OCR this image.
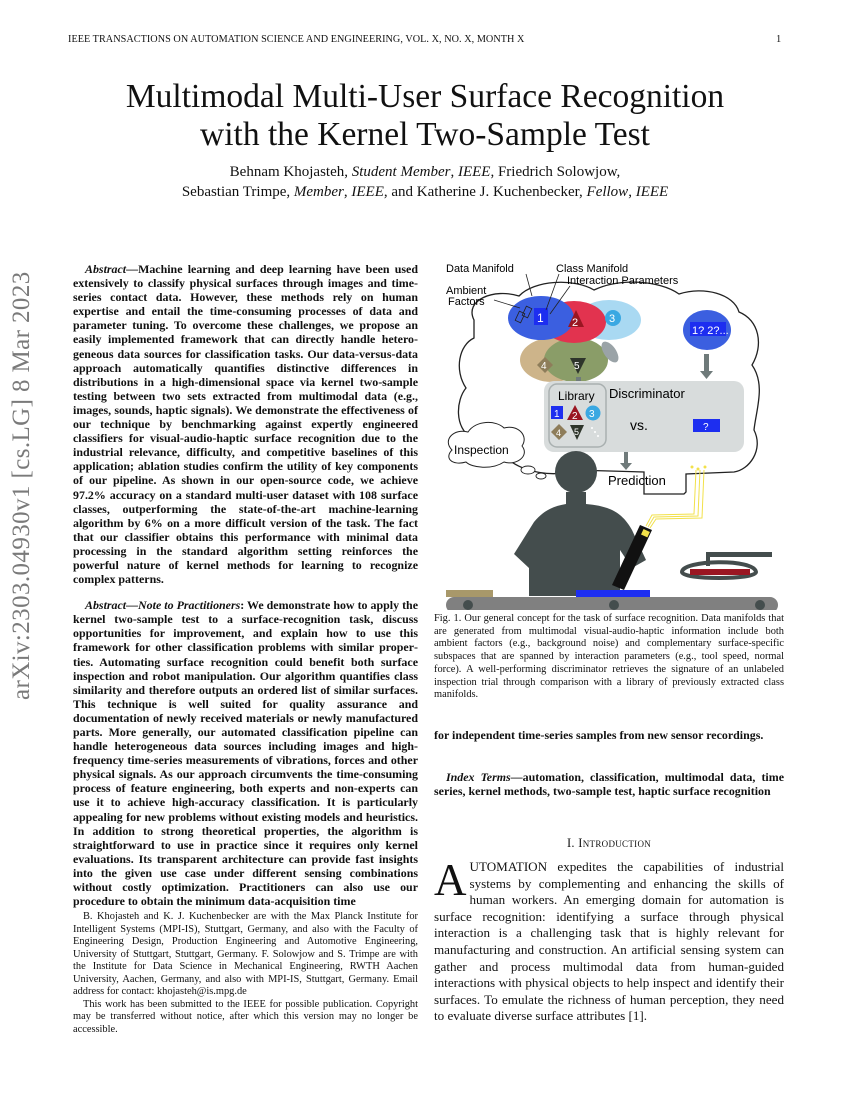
IEEE TRANSACTIONS ON AUTOMATION SCIENCE AND ENGINEERING, VOL. X, NO. X, MONTH X	1
arXiv:2303.04930v1 [cs.LG] 8 Mar 2023
Multimodal Multi-User Surface Recognition
with the Kernel Two-Sample Test
Behnam Khojasteh, Student Member, IEEE, Friedrich Solowjow,
Sebastian Trimpe, Member, IEEE, and Katherine J. Kuchenbecker, Fellow, IEEE

Abstract—Machine learning and deep learning have been used extensively to classify physical surfaces through images and time-series contact data. However, these methods rely on human expertise and entail the time-consuming processes of data and parameter tuning. To overcome these challenges, we propose an easily implemented framework that can directly handle heterogeneous data sources for classification tasks. Our data-versus-data approach automatically quantifies distinctive differences in distributions in a high-dimensional space via kernel two-sample testing between two sets extracted from multimodal data (e.g., images, sounds, haptic signals). We demonstrate the effectiveness of our technique by benchmarking against expertly engineered classifiers for visual-audio-haptic surface recognition due to the industrial relevance, difficulty, and competitive baselines of this application; ablation studies confirm the utility of key components of our pipeline. As shown in our open-source code, we achieve 97.2% accuracy on a standard multi-user dataset with 108 surface classes, outperforming the state-of-the-art machine-learning algorithm by 6% on a more difficult version of the task. The fact that our classifier obtains this performance with minimal data processing in the standard algorithm setting reinforces the powerful nature of kernel methods for learning to recognize complex patterns.

Abstract—Note to Practitioners: We demonstrate how to apply the kernel two-sample test to a surface-recognition task, discuss opportunities for improvement, and explain how to use this framework for other classification problems with similar properties. Automating surface recognition could benefit both surface inspection and robot manipulation. Our algorithm quantifies class similarity and therefore outputs an ordered list of similar surfaces. This technique is well suited for quality assurance and documentation of newly received materials or newly manufactured parts. More generally, our automated classification pipeline can handle heterogeneous data sources including images and high-frequency time-series measurements of vibrations, forces and other physical signals. As our approach circumvents the time-consuming process of feature engineering, both experts and non-experts can use it to achieve high-accuracy classification. It is particularly appealing for new problems without existing models and heuristics. In addition to strong theoretical properties, the algorithm is straightforward to use in practice since it requires only kernel evaluations. Its transparent architecture can provide fast insights into the given use case under different sensing combinations without costly optimization. Practitioners can also use our procedure to obtain the minimum data-acquisition time

B. Khojasteh and K. J. Kuchenbecker are with the Max Planck Institute for Intelligent Systems (MPI-IS), Stuttgart, Germany, and also with the Faculty of Engineering Design, Production Engineering and Automotive Engineering, University of Stuttgart, Stuttgart, Germany. F. Solowjow and S. Trimpe are with the Institute for Data Science in Mechanical Engineering, RWTH Aachen University, Aachen, Germany, and also with MPI-IS, Stuttgart, Germany. Email address for contact: khojasteh@is.mpg.de

This work has been submitted to the IEEE for possible publication. Copyright may be transferred without notice, after which this version may no longer be accessible.

1	2	3
4	5
Data Manifold	Class Manifold
Interaction Parameters
Ambient
Factors
1? 2?...
Discriminator
Library
1 2 3
4 5	vs.	?
Prediction
Inspection
Fig. 1. Our general concept for the task of surface recognition. Data manifolds that are generated from multimodal visual-audio-haptic information include both ambient factors (e.g., background noise) and complementary surface-specific subspaces that are spanned by interaction parameters (e.g., tool speed, normal force). A well-performing discriminator retrieves the signature of an unlabeled inspection trial through comparison with a library of previously extracted class manifolds.
for independent time-series samples from new sensor recordings.
Index Terms—automation, classification, multimodal data, time series, kernel methods, two-sample test, haptic surface recognition
I. Introduction
AUTOMATION expedites the capabilities of industrial systems by complementing and enhancing the skills of human workers. An emerging domain for automation is surface recognition: identifying a surface through physical interaction is a challenging task that is highly relevant for manufacturing and construction. An artificial sensing system can gather and process multimodal data from human-guided interactions with physical objects to help inspect and identify their surfaces. To emulate the richness of human perception, they need to evaluate diverse surface attributes [1].
